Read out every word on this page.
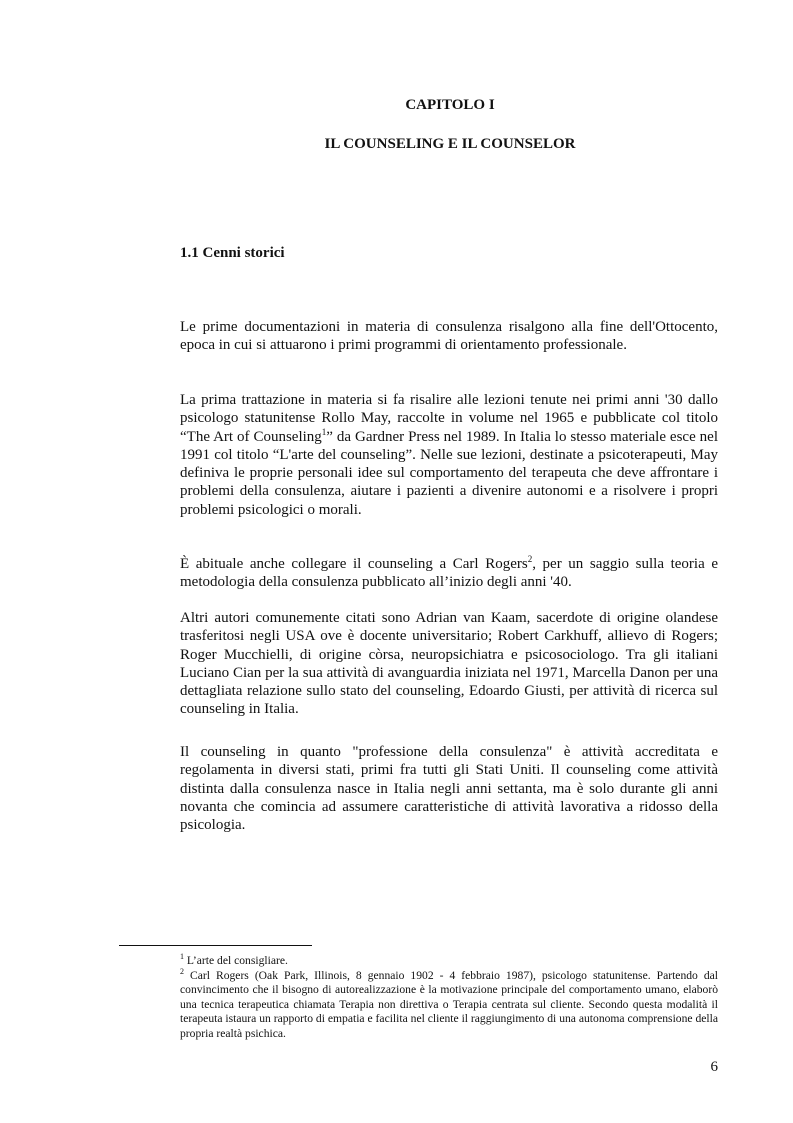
CAPITOLO I
IL COUNSELING E IL COUNSELOR
1.1 Cenni storici

Le prime documentazioni in materia di consulenza risalgono alla fine dell'Ottocento, epoca in cui si attuarono i primi programmi di orientamento professionale.

La prima trattazione in materia si fa risalire alle lezioni tenute nei primi anni '30 dallo psicologo statunitense Rollo May, raccolte in volume nel 1965 e pubblicate col titolo “The Art of Counseling$^1$” da Gardner Press nel 1989. In Italia lo stesso materiale esce nel 1991 col titolo “L'arte del counseling”. Nelle sue lezioni, destinate a psicoterapeuti, May definiva le proprie personali idee sul comportamento del terapeuta che deve affrontare i problemi della consulenza, aiutare i pazienti a divenire autonomi e a risolvere i propri problemi psicologici o morali.

È abituale anche collegare il counseling a Carl Rogers$^2$, per un saggio sulla teoria e metodologia della consulenza pubblicato all’inizio degli anni '40.

Altri autori comunemente citati sono Adrian van Kaam, sacerdote di origine olandese trasferitosi negli USA ove è docente universitario; Robert Carkhuff, allievo di Rogers; Roger Mucchielli, di origine còrsa, neuropsichiatra e psicosociologo. Tra gli italiani Luciano Cian per la sua attività di avanguardia iniziata nel 1971, Marcella Danon per una dettagliata relazione sullo stato del counseling, Edoardo Giusti, per attività di ricerca sul counseling in Italia.

Il counseling in quanto "professione della consulenza" è attività accreditata e regolamenta in diversi stati, primi fra tutti gli Stati Uniti. Il counseling come attività distinta dalla consulenza nasce in Italia negli anni settanta, ma è solo durante gli anni novanta che comincia ad assumere caratteristiche di attività lavorativa a ridosso della psicologia.

$^1$ L’arte del consigliare.

$^2$ Carl Rogers (Oak Park, Illinois, 8 gennaio 1902 - 4 febbraio 1987), psicologo statunitense. Partendo dal convincimento che il bisogno di autorealizzazione è la motivazione principale del comportamento umano, elaborò una tecnica terapeutica chiamata Terapia non direttiva o Terapia centrata sul cliente. Secondo questa modalità il terapeuta istaura un rapporto di empatia e facilita nel cliente il raggiungimento di una autonoma comprensione della propria realtà psichica.

6
